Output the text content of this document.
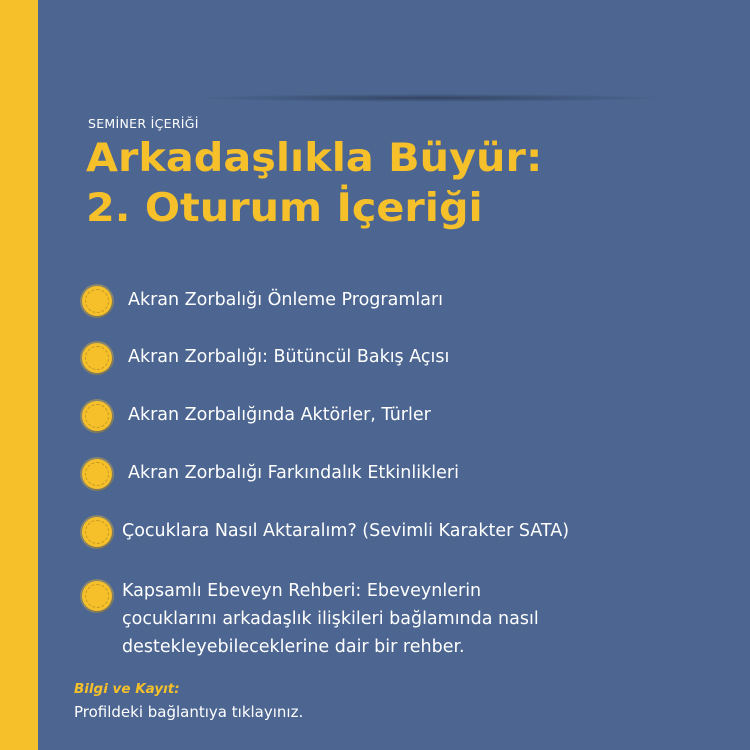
SEMİNER İÇERİĞİ
Arkadaşlıkla Büyür:
2. Oturum İçeriği
Akran Zorbalığı Önleme Programları
Akran Zorbalığı: Bütüncül Bakış Açısı
Akran Zorbalığında Aktörler, Türler
Akran Zorbalığı Farkındalık Etkinlikleri
Çocuklara Nasıl Aktaralım? (Sevimli Karakter SATA)
Kapsamlı Ebeveyn Rehberi: Ebeveynlerin
çocuklarını arkadaşlık ilişkileri bağlamında nasıl
destekleyebileceklerine dair bir rehber.
Bilgi ve Kayıt:
Profildeki bağlantıya tıklayınız.
